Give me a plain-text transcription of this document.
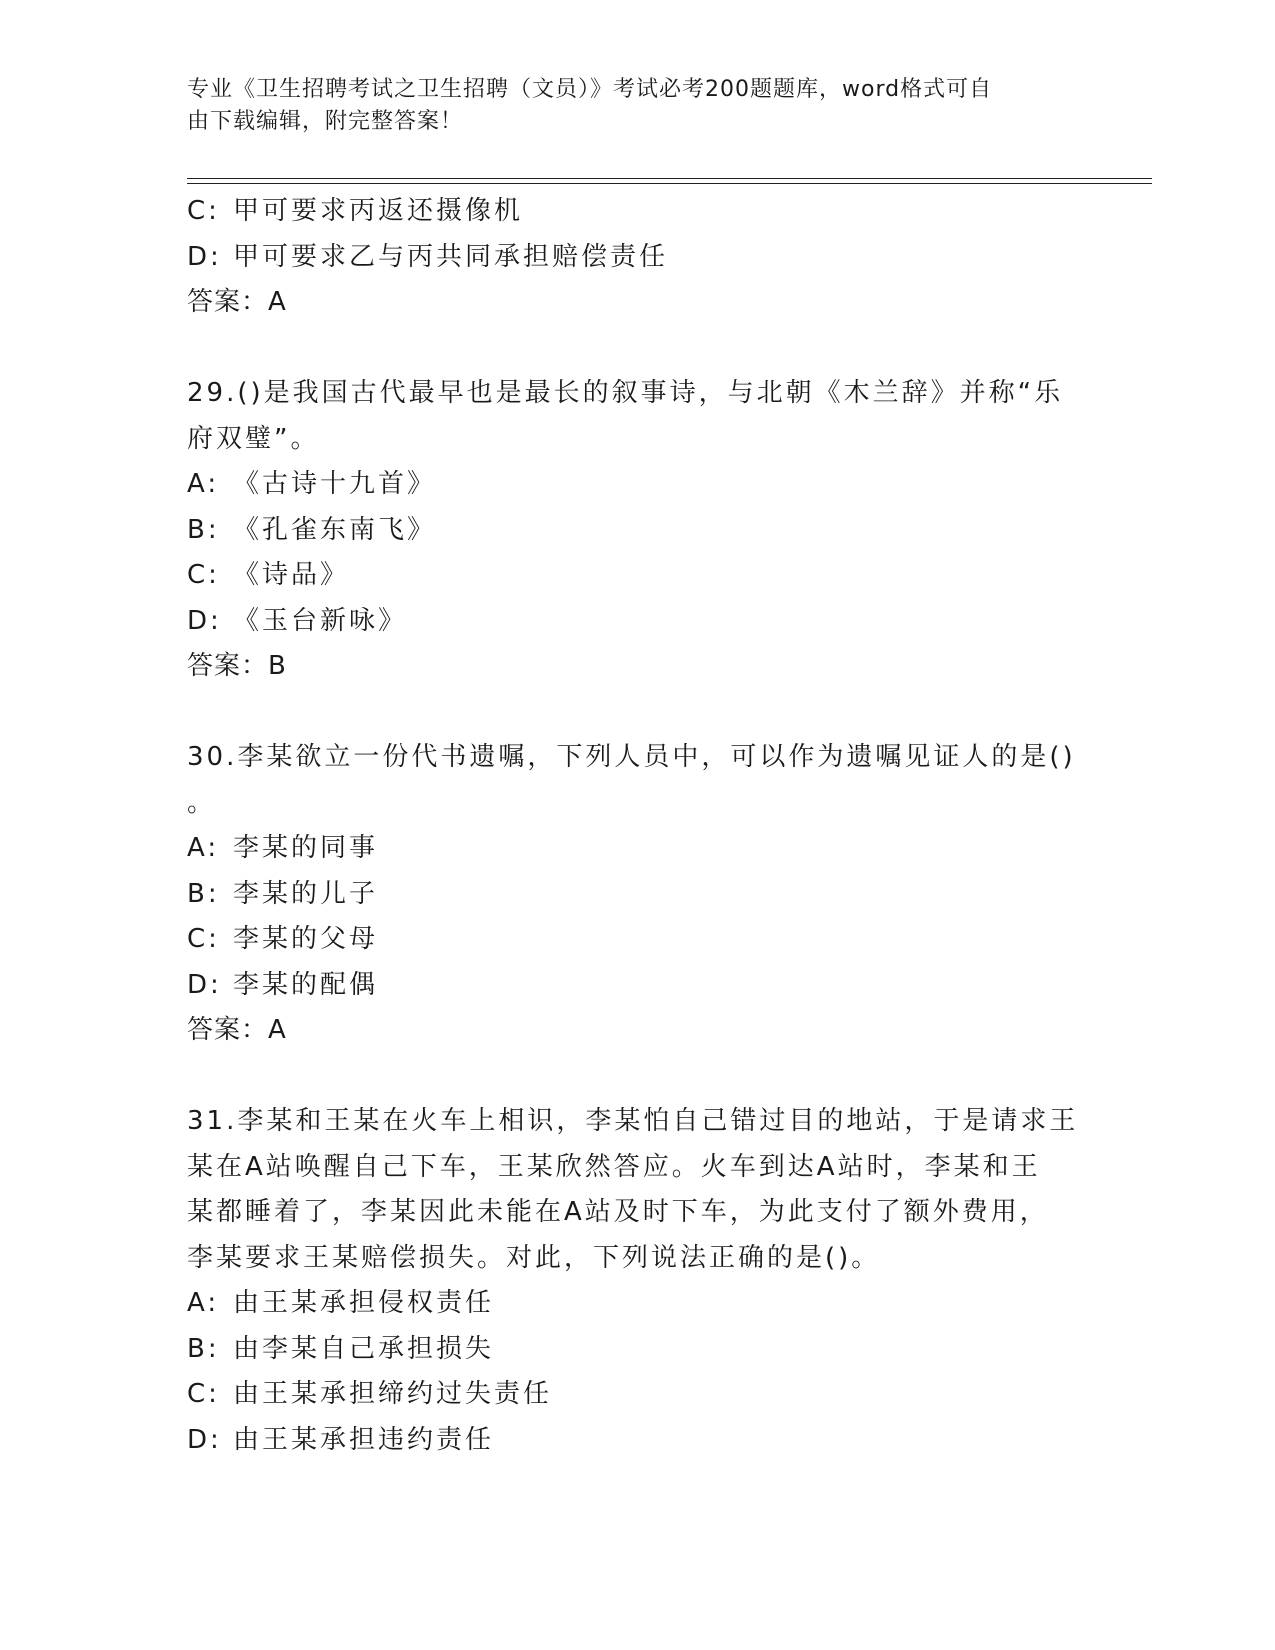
专业《卫生招聘考试之卫生招聘（文员）》考试必考200题题库，word格式可自
由下载编辑，附完整答案！
C: 甲可要求丙返还摄像机
D: 甲可要求乙与丙共同承担赔偿责任
答案：A
29.()是我国古代最早也是最长的叙事诗，与北朝《木兰辞》并称“乐
府双璧”。
A: 《古诗十九首》
B: 《孔雀东南飞》
C: 《诗品》
D: 《玉台新咏》
答案：B
30.李某欲立一份代书遗嘱，下列人员中，可以作为遗嘱见证人的是()
。
A: 李某的同事
B: 李某的儿子
C: 李某的父母
D: 李某的配偶
答案：A
31.李某和王某在火车上相识，李某怕自己错过目的地站，于是请求王
某在A站唤醒自己下车，王某欣然答应。火车到达A站时，李某和王
某都睡着了，李某因此未能在A站及时下车，为此支付了额外费用，
李某要求王某赔偿损失。对此，下列说法正确的是()。
A: 由王某承担侵权责任
B: 由李某自己承担损失
C: 由王某承担缔约过失责任
D: 由王某承担违约责任
